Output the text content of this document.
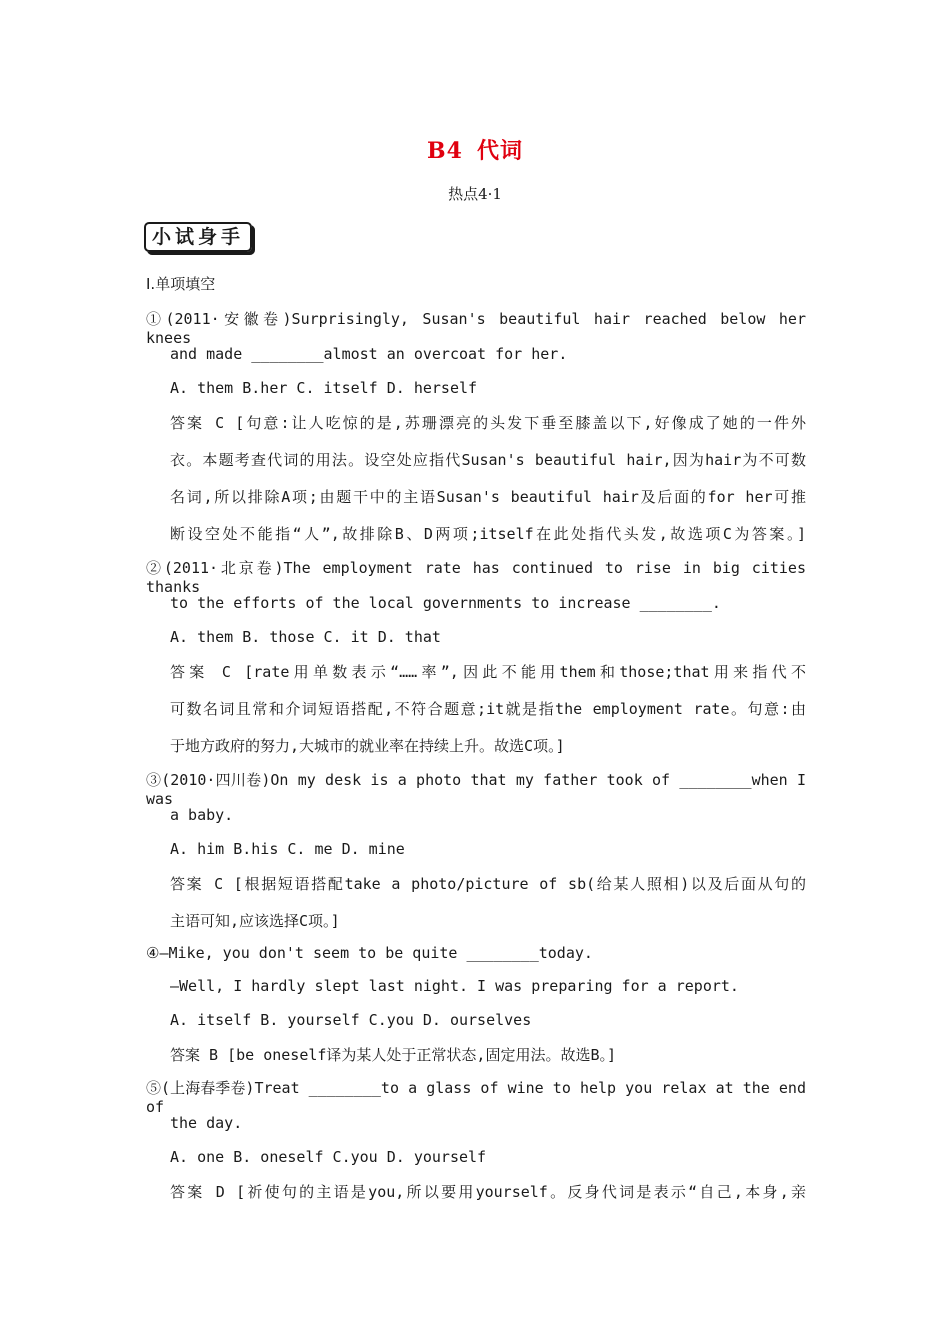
B4 代词
热点4·1
小试身手
Ⅰ.单项填空
①(2011·安徽卷)Surprisingly, Susan's beautiful hair reached below her knees
and made ________almost an overcoat for her.
A. them B.her C. itself D. herself
答案 C [句意:让人吃惊的是,苏珊漂亮的头发下垂至膝盖以下,好像成了她的一件外
衣。本题考查代词的用法。设空处应指代Susan's beautiful hair,因为hair为不可数
名词,所以排除A项;由题干中的主语Susan's beautiful hair及后面的for her可推
断设空处不能指“人”,故排除B、D两项;itself在此处指代头发,故选项C为答案。]
②(2011·北京卷)The employment rate has continued to rise in big cities thanks
to the efforts of the local governments to increase ________.
A. them B. those C. it D. that
答案 C [rate用单数表示“……率”,因此不能用them和those;that用来指代不
可数名词且常和介词短语搭配,不符合题意;it就是指the employment rate。句意:由
于地方政府的努力,大城市的就业率在持续上升。故选C项。]
③(2010·四川卷)On my desk is a photo that my father took of ________when I was
a baby.
A. him B.his C. me D. mine
答案 C [根据短语搭配take a photo/picture of sb(给某人照相)以及后面从句的
主语可知,应该选择C项。]
④—Mike, you don't seem to be quite ________today.
—Well, I hardly slept last night. I was preparing for a report.
A. itself B. yourself C.you D. ourselves
答案 B [be oneself译为某人处于正常状态,固定用法。故选B。]
⑤(上海春季卷)Treat ________to a glass of wine to help you relax at the end of
the day.
A. one B. oneself C.you D. yourself
答案 D [祈使句的主语是you,所以要用yourself。反身代词是表示“自己,本身,亲
